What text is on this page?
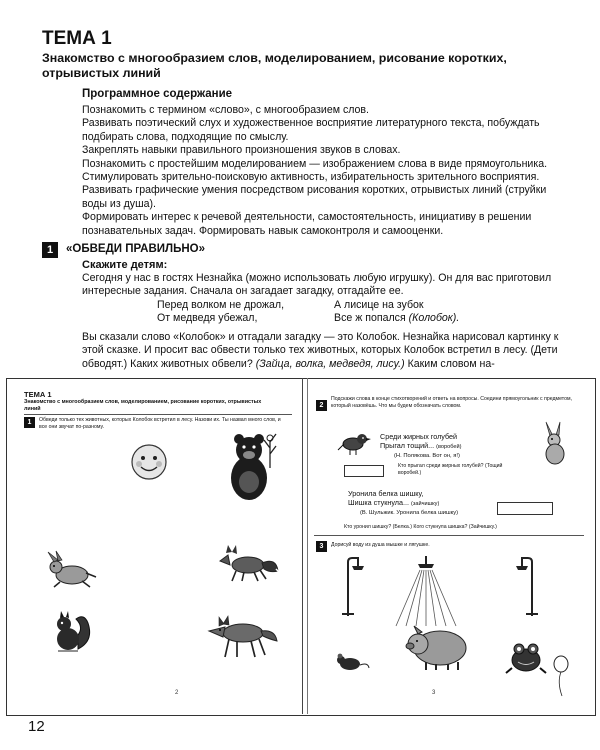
ТЕМА 1
Знакомство с многообразием слов, моделированием, рисование коротких, отрывистых линий
Программное содержание

Познакомить с термином «слово», с многообразием слов.

Развивать поэтический слух и художественное восприятие литературного текста, побуждать подбирать слова, подходящие по смыслу.

Закреплять навыки правильного произношения звуков в словах.

Познакомить с простейшим моделированием — изображением слова в виде прямоугольника.

Стимулировать зрительно-поисковую активность, избирательность зрительного восприятия.

Развивать графические умения посредством рисования коротких, отрывистых линий (струйки воды из душа).

Формировать интерес к речевой деятельности, самостоятельность, инициативу в решении познавательных задач. Формировать навык самоконтроля и самооценки.

1	«ОБВЕДИ ПРАВИЛЬНО»
Скажите детям:
Сегодня у нас в гостях Незнайка (можно использовать любую игрушку). Он для вас приготовил интересные задания. Сначала он загадает загадку, отгадайте ее.
Перед волком не дрожал,
От медведя убежал,
А лисице на зубок
Все ж попался (Колобок).
Вы сказали слово «Колобок» и отгадали загадку — это Колобок. Незнайка нарисовал картинку к этой сказке. И просит вас обвести только тех животных, которых Колобок встретил в лесу. (Дети обводят.) Каких животных обвели? (Зайца, волка, медведя, лису.) Каким словом на-
ТЕМА 1
Знакомство с многообразием слов, моделированием, рисование коротких, отрывистых линий
1	Обведи только тех животных, которых Колобок встретил в лесу. Назови их. Ты назвал много слов, и все они звучат по-разному.
2
2
Подскажи слова в конце стихотворений и ответь на вопросы. Соедини прямоугольник с предметом, который назовёшь. Что мы будем обозначать словом.
Среди жирных голубей
Прыгал тощий... (воробей)
(Н. Полякова. Вот он, я!)
Кто прыгал среди жирных голубей? (Тощий воробей.)
Уронила белка шишку,
Шишка стукнула... (зайчишку)
(В. Шульжик. Уронила белка шишку)
Кто уронил шишку? (Белка.) Кого стукнула шишка? (Зайчишку.)
3	Дорисуй воду из душа мышке и лягушке.
3
12
